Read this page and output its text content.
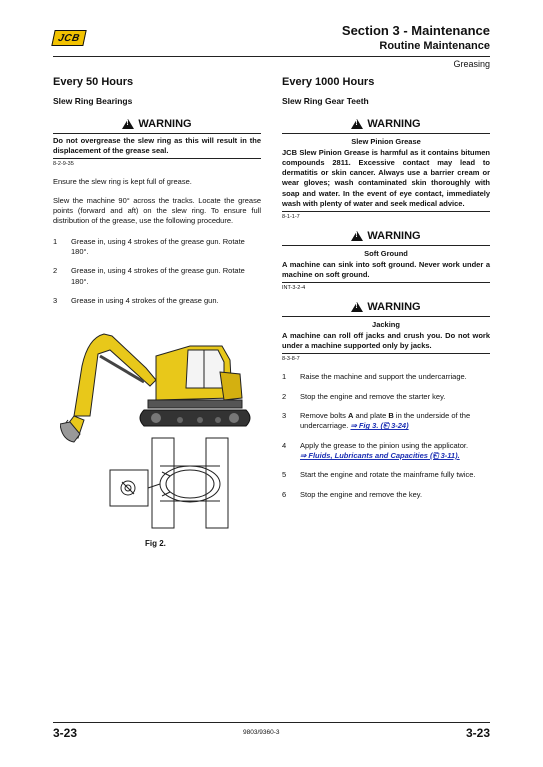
JCB	Section 3 - Maintenance
Routine Maintenance
Greasing
Every 50 Hours
Slew Ring Bearings
!
WARNING
Do not overgrease the slew ring as this will result in the displacement of the grease seal.
8-2-9-35

Ensure the slew ring is kept full of grease.

Slew the machine 90° across the tracks. Locate the grease points (forward and aft) on the slew ring. To ensure full distribution of the grease, use the following procedure.

1	Grease in, using 4 strokes of the grease gun. Rotate 180°.
2	Grease in, using 4 strokes of the grease gun. Rotate 180°.
3	Grease in using 4 strokes of the grease gun.
Fig 2.
Every 1000 Hours
Slew Ring Gear Teeth
!
WARNING
Slew Pinion Grease
JCB Slew Pinion Grease is harmful as it contains bitumen compounds 2811. Excessive contact may lead to dermatitis or skin cancer. Always use a barrier cream or wear gloves; wash contaminated skin thoroughly with soap and water. In the event of eye contact, immediately wash with plenty of water and seek medical advice.
8-1-1-7
!
WARNING
Soft Ground
A machine can sink into soft ground. Never work under a machine on soft ground.
INT-3-2-4
!
WARNING
Jacking
A machine can roll off jacks and crush you. Do not work under a machine supported only by jacks.
8-3-8-7
1	Raise the machine and support the undercarriage.
2	Stop the engine and remove the starter key.
3	Remove bolts A and plate B in the underside of the undercarriage. ⇒ Fig 3. (⎗ 3-24)
4	Apply the grease to the pinion using the applicator.
⇒ Fluids, Lubricants and Capacities (⎗ 3-11).
5	Start the engine and rotate the mainframe fully twice.
6	Stop the engine and remove the key.
3-23	9803/9360-3	3-23
